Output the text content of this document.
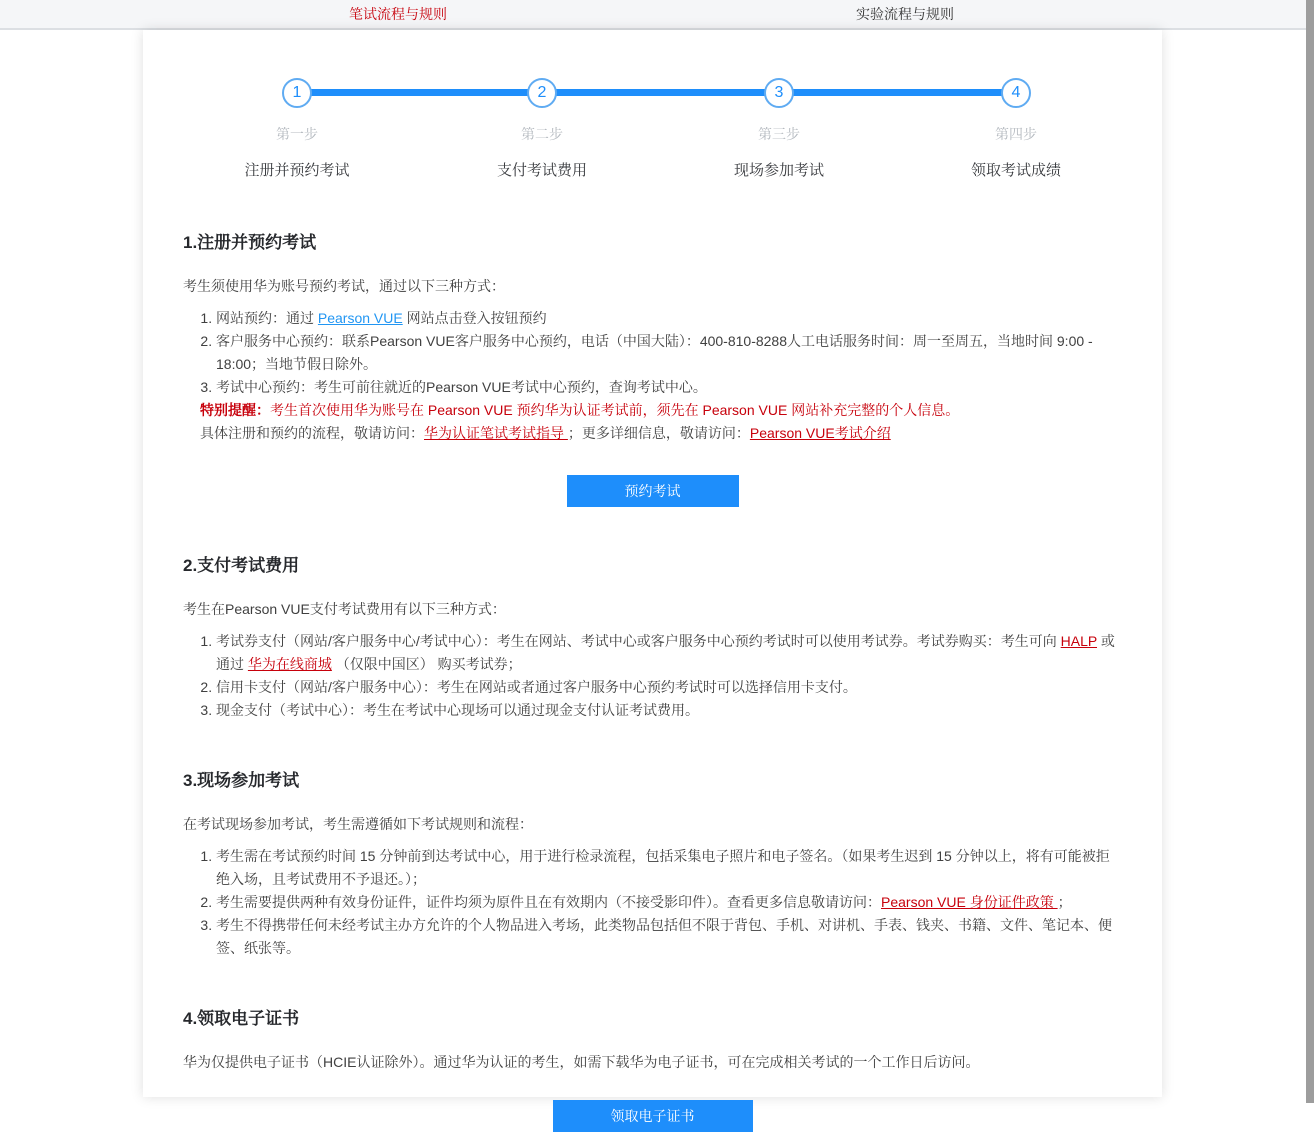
笔试流程与规则	实验流程与规则
1
第一步
注册并预约考试
2
第二步
支付考试费用
3
第三步
现场参加考试
4
第四步
领取考试成绩
1.注册并预约考试

考生须使用华为账号预约考试，通过以下三种方式：

1. 网站预约：通过 Pearson VUE 网站点击登入按钮预约
2. 客户服务中心预约：联系Pearson VUE客户服务中心预约，电话（中国大陆）：400-810-8288人工电话服务时间：周一至周五，当地时间 9:00 - 18:00；当地节假日除外。
3. 考试中心预约：考生可前往就近的Pearson VUE考试中心预约，查询考试中心。

特别提醒：考生首次使用华为账号在 Pearson VUE 预约华为认证考试前，须先在 Pearson VUE 网站补充完整的个人信息。

具体注册和预约的流程，敬请访问：华为认证笔试考试指导 ；更多详细信息，敬请访问：Pearson VUE考试介绍

预约考试
2.支付考试费用

考生在Pearson VUE支付考试费用有以下三种方式：

1. 考试券支付（网站/客户服务中心/考试中心）：考生在网站、考试中心或客户服务中心预约考试时可以使用考试券。考试券购买：考生可向 HALP 或通过 华为在线商城 （仅限中国区） 购买考试券；
2. 信用卡支付（网站/客户服务中心）：考生在网站或者通过客户服务中心预约考试时可以选择信用卡支付。
3. 现金支付（考试中心）：考生在考试中心现场可以通过现金支付认证考试费用。
3.现场参加考试

在考试现场参加考试，考生需遵循如下考试规则和流程：

1. 考生需在考试预约时间 15 分钟前到达考试中心，用于进行检录流程，包括采集电子照片和电子签名。（如果考生迟到 15 分钟以上，将有可能被拒绝入场，且考试费用不予退还。）；
2. 考生需要提供两种有效身份证件，证件均须为原件且在有效期内（不接受影印件）。查看更多信息敬请访问：Pearson VUE 身份证件政策 ；
3. 考生不得携带任何未经考试主办方允许的个人物品进入考场，此类物品包括但不限于背包、手机、对讲机、手表、钱夹、书籍、文件、笔记本、便签、纸张等。
4.领取电子证书

华为仅提供电子证书（HCIE认证除外）。通过华为认证的考生，如需下载华为电子证书，可在完成相关考试的一个工作日后访问。

领取电子证书
